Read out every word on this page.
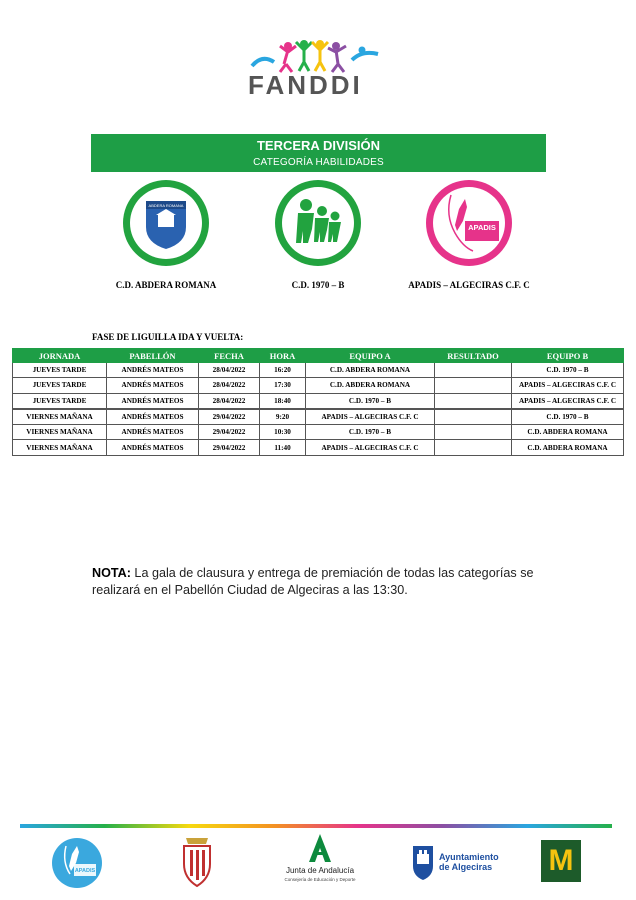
FANDDI
TERCERA DIVISIÓN
CATEGORÍA HABILIDADES
ABDERA ROMANA
APADIS
C.D. ABDERA ROMANA	C.D. 1970 – B	APADIS – ALGECIRAS C.F. C
FASE DE LIGUILLA IDA Y VUELTA:
JORNADA	PABELLÓN	FECHA	HORA	EQUIPO A	RESULTADO	EQUIPO B
JUEVES TARDE	ANDRÉS MATEOS	28/04/2022	16:20	C.D. ABDERA ROMANA		C.D. 1970 – B
JUEVES TARDE	ANDRÉS MATEOS	28/04/2022	17:30	C.D. ABDERA ROMANA		APADIS – ALGECIRAS C.F. C
JUEVES TARDE	ANDRÉS MATEOS	28/04/2022	18:40	C.D. 1970 – B		APADIS – ALGECIRAS C.F. C
VIERNES MAÑANA	ANDRÉS MATEOS	29/04/2022	9:20	APADIS – ALGECIRAS C.F. C		C.D. 1970 – B
VIERNES MAÑANA	ANDRÉS MATEOS	29/04/2022	10:30	C.D. 1970 – B		C.D. ABDERA ROMANA
VIERNES MAÑANA	ANDRÉS MATEOS	29/04/2022	11:40	APADIS – ALGECIRAS C.F. C		C.D. ABDERA ROMANA
NOTA: La gala de clausura y entrega de premiación de todas las categorías se realizará en el Pabellón Ciudad de Algeciras a las 13:30.
APADIS	Junta de Andalucía
Consejería de Educación y Deporte
Ayuntamiento
de Algeciras M
